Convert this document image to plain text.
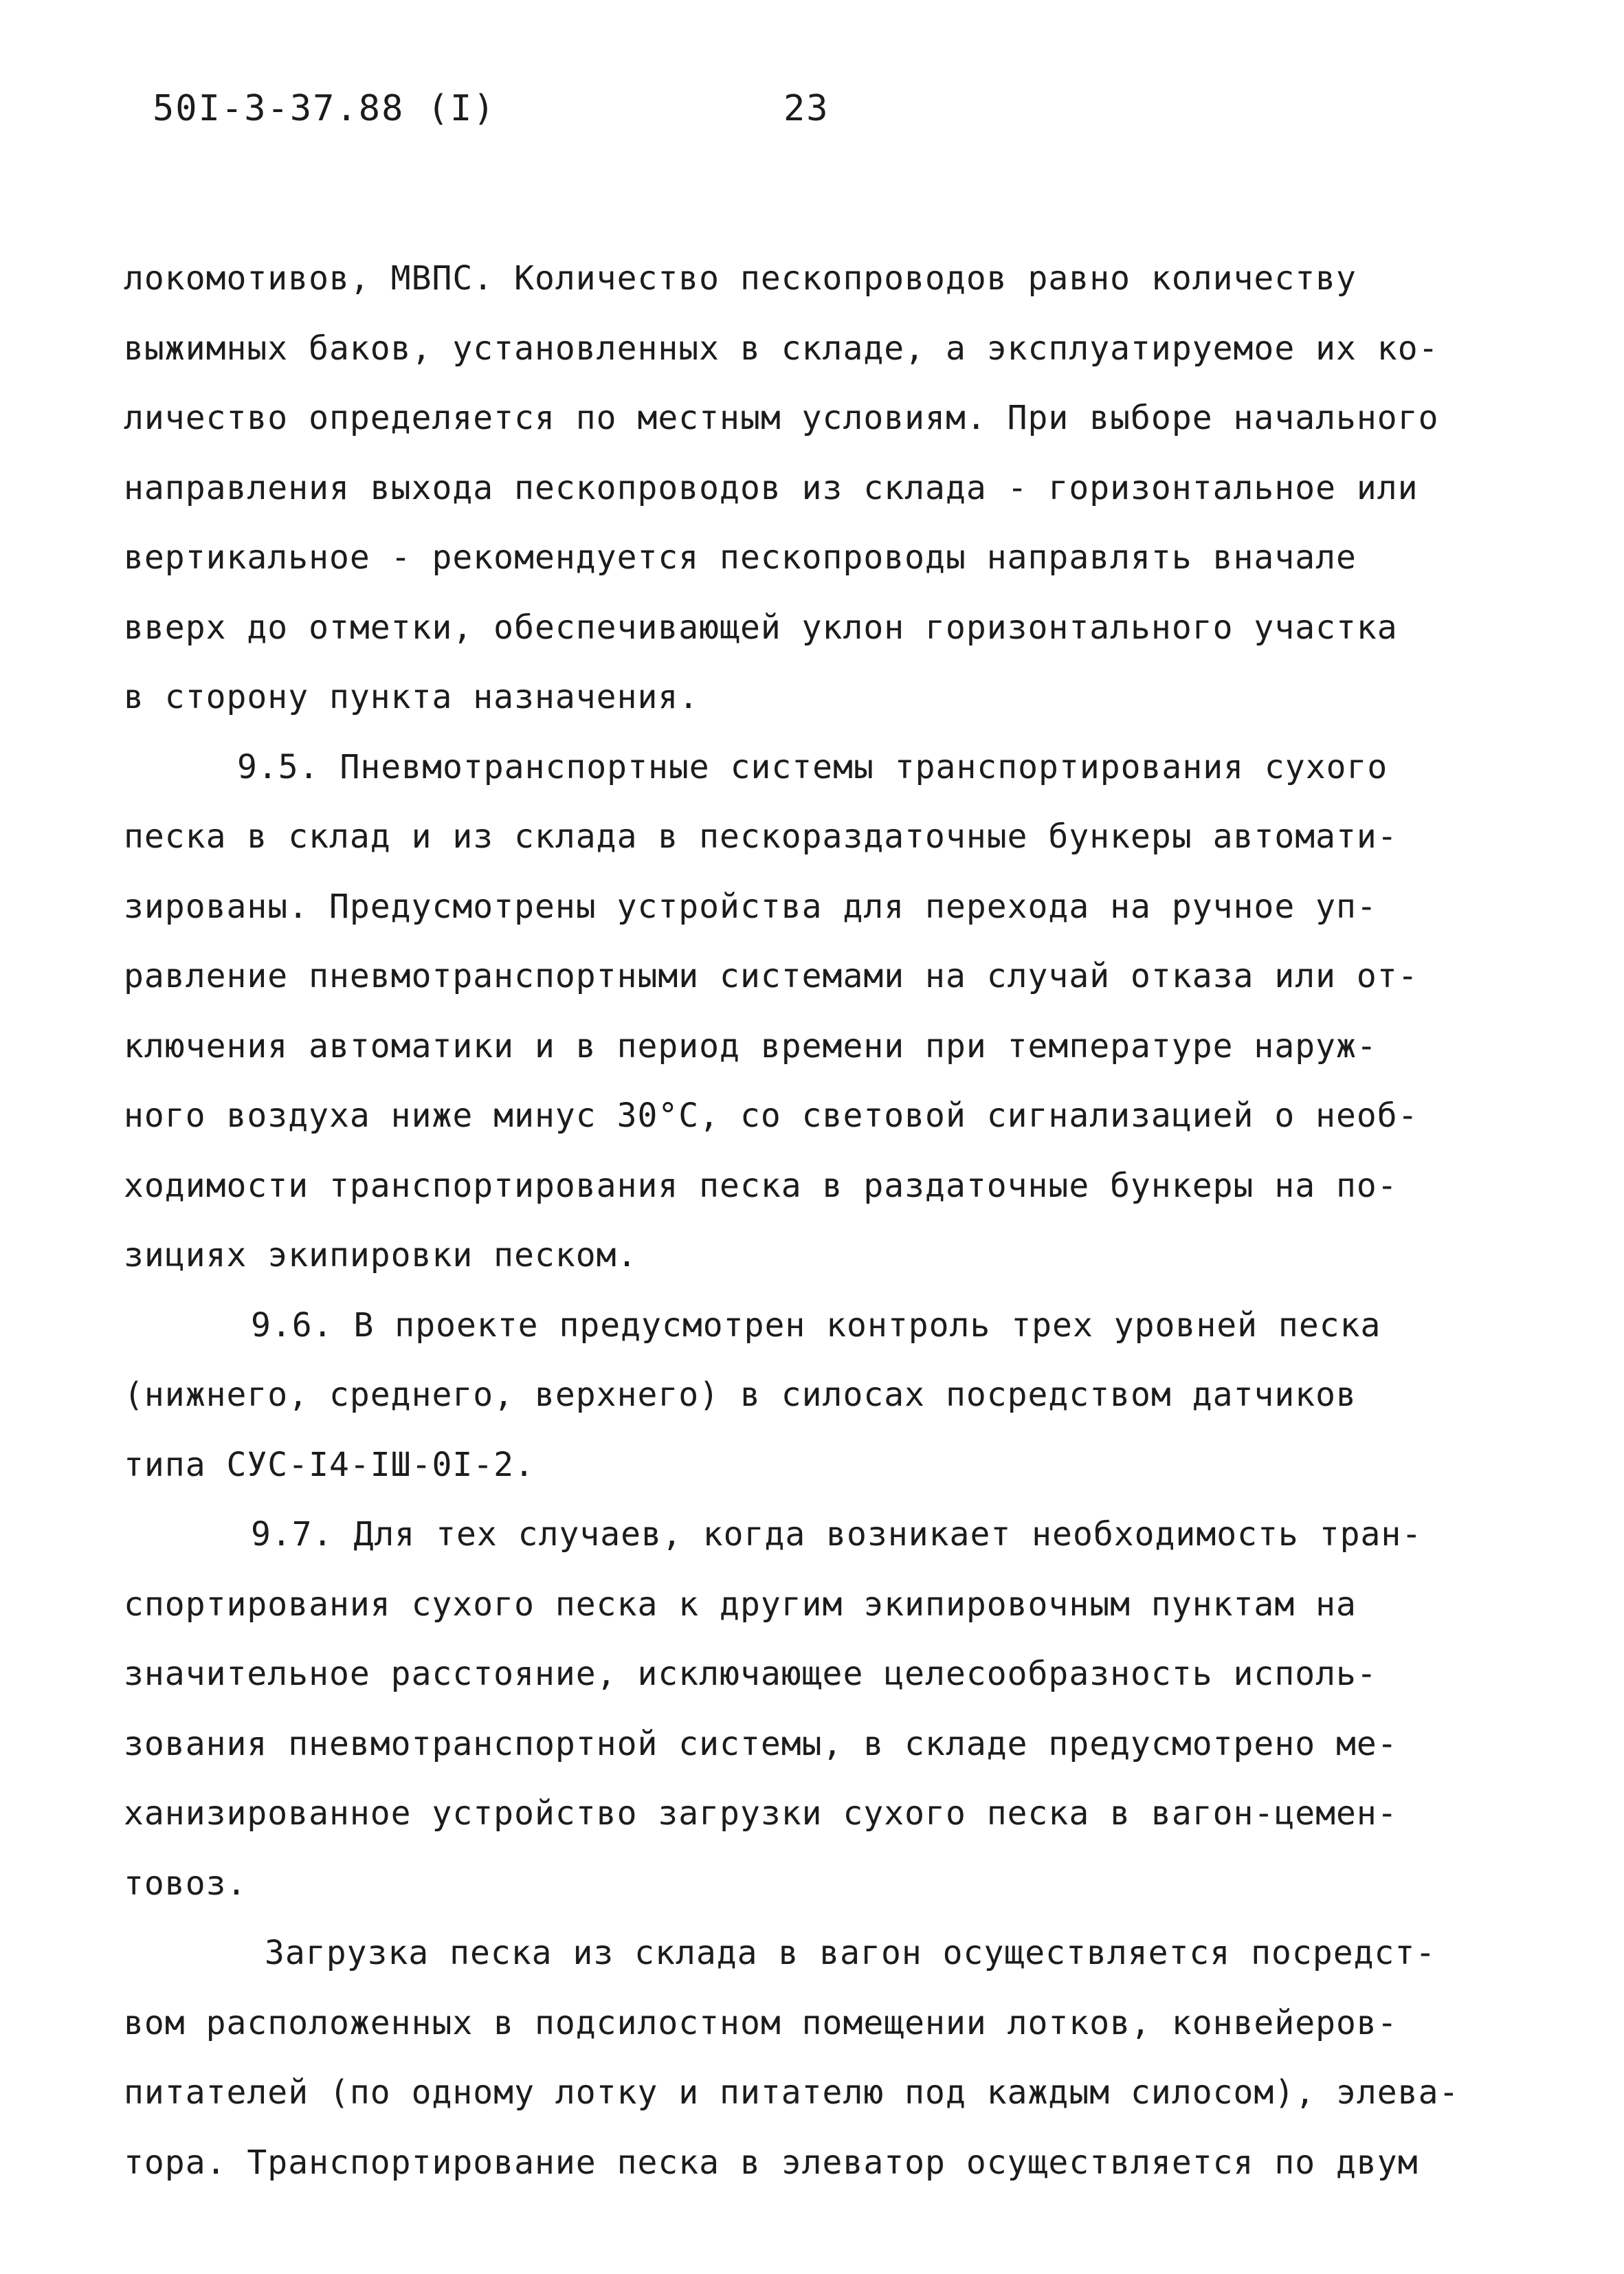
50I-3-37.88 (I)	23
локомотивов, МВПС. Количество пескопроводов равно количеству
выжимных баков, установленных в складе, а эксплуатируемое их ко-
личество определяется по местным условиям. При выборе начального
направления выхода пескопроводов из склада - горизонтальное или
вертикальное - рекомендуется пескопроводы направлять вначале
вверх до отметки, обеспечивающей уклон горизонтального участка
в сторону пункта назначения.
9.5. Пневмотранспортные системы транспортирования сухого
песка в склад и из склада в пескораздаточные бункеры автомати-
зированы. Предусмотрены устройства для перехода на ручное уп-
равление пневмотранспортными системами на случай отказа или от-
ключения автоматики и в период времени при температуре наруж-
ного воздуха ниже минус 30°С, со световой сигнализацией о необ-
ходимости транспортирования песка в раздаточные бункеры на по-
зициях экипировки песком.
9.6. В проекте предусмотрен контроль трех уровней песка
(нижнего, среднего, верхнего) в силосах посредством датчиков
типа СУС-I4-IШ-0I-2.
9.7. Для тех случаев, когда возникает необходимость тран-
спортирования сухого песка к другим экипировочным пунктам на
значительное расстояние, исключающее целесообразность исполь-
зования пневмотранспортной системы, в складе предусмотрено ме-
ханизированное устройство загрузки сухого песка в вагон-цемен-
товоз.
Загрузка песка из склада в вагон осуществляется посредст-
вом расположенных в подсилостном помещении лотков, конвейеров-
питателей (по одному лотку и питателю под каждым силосом), элева-
тора. Транспортирование песка в элеватор осуществляется по двум
